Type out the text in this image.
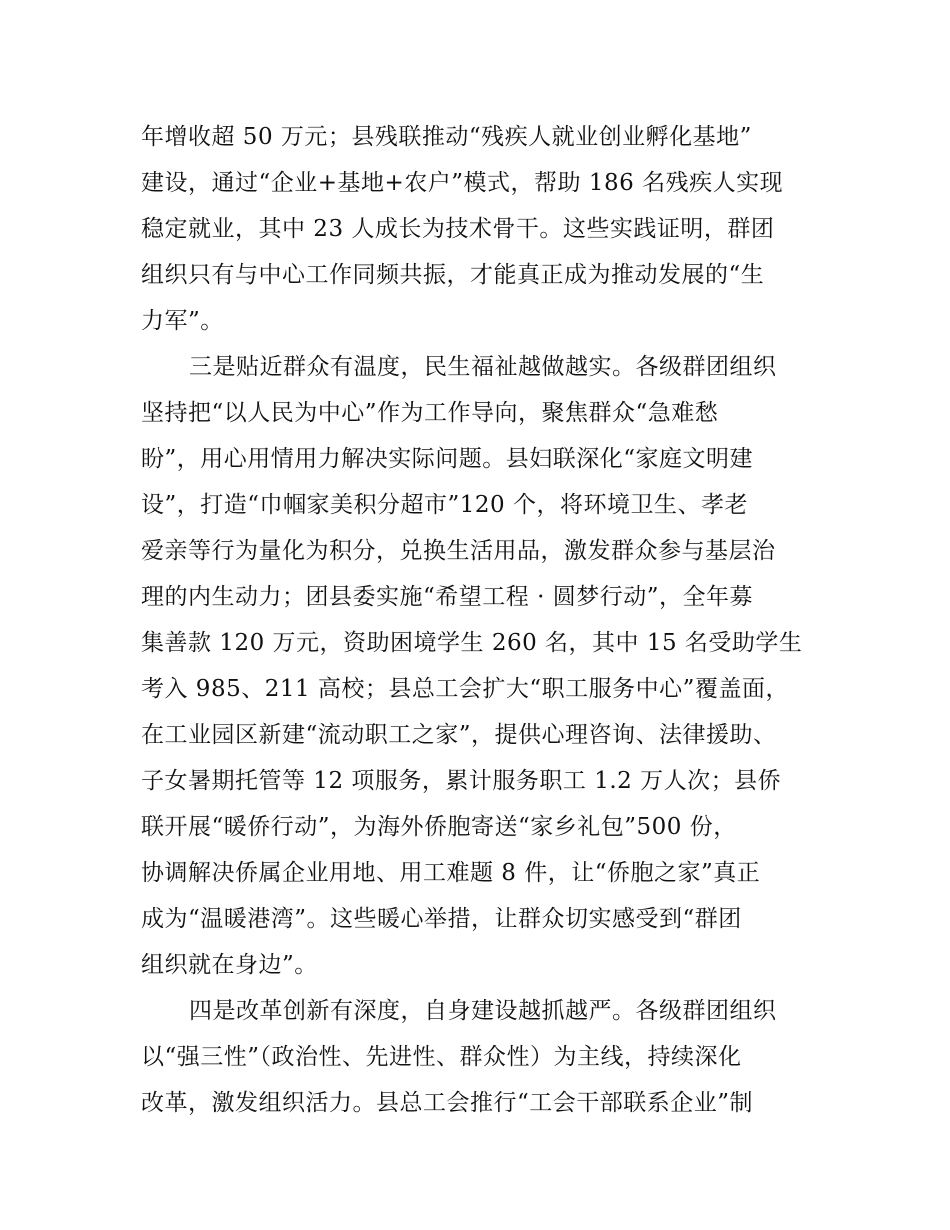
年增收超 50 万元；县残联推动“残疾人就业创业孵化基地”
建设，通过“企业+基地+农户”模式，帮助 186 名残疾人实现
稳定就业，其中 23 人成长为技术骨干。这些实践证明，群团
组织只有与中心工作同频共振，才能真正成为推动发展的“生
力军”。
三是贴近群众有温度，民生福祉越做越实。各级群团组织
坚持把“以人民为中心”作为工作导向，聚焦群众“急难愁
盼”，用心用情用力解决实际问题。县妇联深化“家庭文明建
设”，打造“巾帼家美积分超市”120 个，将环境卫生、孝老
爱亲等行为量化为积分，兑换生活用品，激发群众参与基层治
理的内生动力；团县委实施“希望工程 · 圆梦行动”，全年募
集善款 120 万元，资助困境学生 260 名，其中 15 名受助学生
考入 985、211 高校；县总工会扩大“职工服务中心”覆盖面，
在工业园区新建“流动职工之家”，提供心理咨询、法律援助、
子女暑期托管等 12 项服务，累计服务职工 1.2 万人次；县侨
联开展“暖侨行动”，为海外侨胞寄送“家乡礼包”500 份，
协调解决侨属企业用地、用工难题 8 件，让“侨胞之家”真正
成为“温暖港湾”。这些暖心举措，让群众切实感受到“群团
组织就在身边”。
四是改革创新有深度，自身建设越抓越严。各级群团组织
以“强三性”（政治性、先进性、群众性）为主线，持续深化
改革，激发组织活力。县总工会推行“工会干部联系企业”制
